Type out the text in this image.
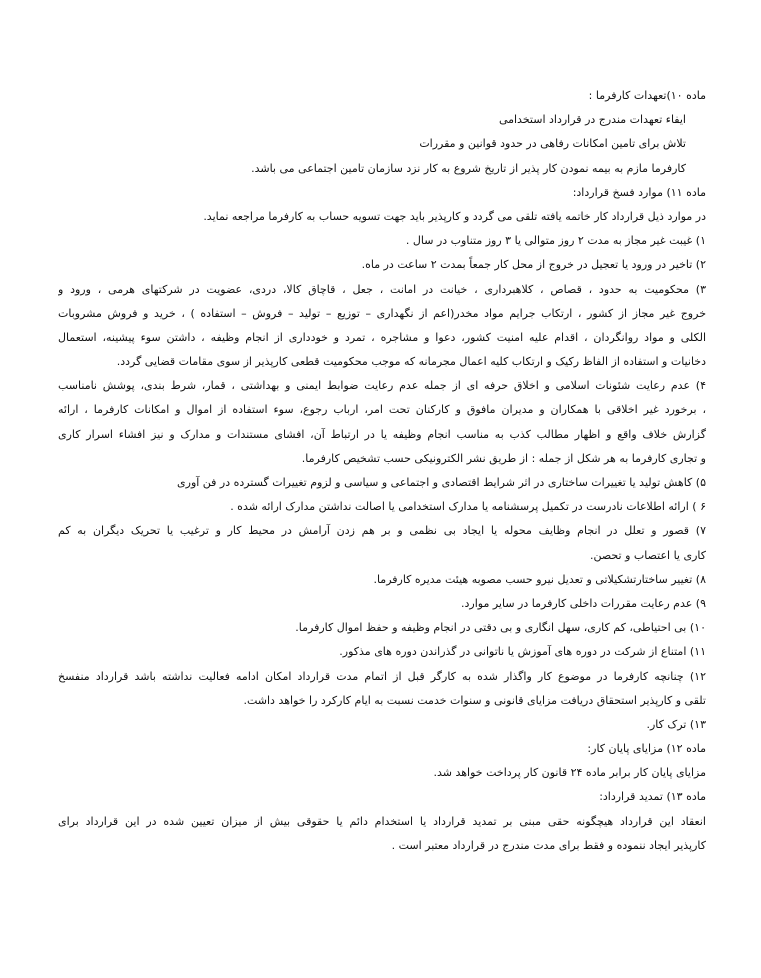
ماده ۱۰)تعهدات کارفرما :
ایفاء تعهدات مندرج در قرارداد استخدامی
تلاش برای تامین امکانات رفاهی در حدود قوانین و مقررات
کارفرما مازم به بیمه نمودن کار پذیر از تاریخ شروع به کار نزد سازمان تامین اجتماعی می باشد.
ماده ۱۱) موارد فسخ قرارداد:
در موارد ذیل قرارداد کار خاتمه یافته تلقی می گردد و کارپذیر باید جهت تسویه حساب به کارفرما مراجعه نماید.
۱) غیبت غیر مجاز به مدت ۲ روز متوالی یا ۳ روز متناوب در سال .
۲) تاخیر در ورود یا تعجیل در خروج از محل کار جمعاً بمدت ۲ ساعت در ماه.
۳) محکومیت به حدود ، قصاص ، کلاهبرداری ، خیانت در امانت ، جعل ، قاچاق کالا، دردی، عضویت در شرکتهای هرمی ، ورود و
خروج غیر مجاز از کشور ، ارتکاب جرایم مواد مخدر(اعم از نگهداری – توزیع – تولید – فروش – استفاده ) ، خرید و فروش مشروبات
الکلی و مواد روانگردان ، اقدام علیه امنیت کشور، دعوا و مشاجره ، تمرد و خودداری از انجام وظیفه ، داشتن سوء پیشینه، استعمال
دخانیات و استفاده از الفاظ رکیک و ارتکاب کلیه اعمال مجرمانه که موجب محکومیت قطعی کارپذیر از سوی مقامات قضایی گردد.
۴) عدم رعایت شئونات اسلامی و اخلاق حرفه ای از جمله عدم رعایت ضوابط ایمنی و بهداشتی ، قمار، شرط بندی، پوشش نامناسب
، برخورد غیر اخلاقی با همکاران و مدیران مافوق و کارکنان تحت امر، ارباب رجوع، سوء استفاده از اموال و امکانات کارفرما ، ارائه
گزارش خلاف واقع و اظهار مطالب کذب به مناسب انجام وظیفه یا در ارتباط آن، افشای مستندات و مدارک و نیز افشاء اسرار کاری
و تجاری کارفرما به هر شکل از جمله : از طریق نشر الکترونیکی حسب تشخیص کارفرما.
۵) کاهش تولید یا تغییرات ساختاری در اثر شرایط اقتصادی و اجتماعی و سیاسی و لزوم تغییرات گسترده در فن آوری
۶ ) ارائه اطلاعات نادرست در تکمیل پرسشنامه یا مدارک استخدامی یا اصالت نداشتن مدارک ارائه شده .
۷) قصور و تعلل در انجام وظایف محوله یا ایجاد بی نظمی و بر هم زدن آرامش در محیط کار و ترغیب یا تحریک دیگران به کم
کاری یا اعتصاب و تحصن.
۸) تغییر ساختارتشکیلاتی و تعدیل نیرو حسب مصوبه هیئت مدیره کارفرما.
۹) عدم رعایت مقررات داخلی کارفرما در سایر موارد.
۱۰) بی احتیاطی، کم کاری، سهل انگاری و بی دقتی در انجام وظیفه و حفظ اموال کارفرما.
۱۱) امتناع از شرکت در دوره های آموزش یا ناتوانی در گذراندن دوره های مذکور.
۱۲) چنانچه کارفرما در موضوع کار واگذار شده به کارگر قبل از اتمام مدت قرارداد امکان ادامه فعالیت نداشته باشد قرارداد منفسخ
تلقی و کارپذیر استحقاق دریافت مزایای قانونی و سنوات خدمت نسبت به ایام کارکرد را خواهد داشت.
۱۳) ترک کار.
ماده ۱۲) مزایای پایان کار:
مزایای پایان کار برابر ماده ۲۴ قانون کار پرداخت خواهد شد.
ماده ۱۳) تمدید قرارداد:
انعقاد این قرارداد هیچگونه حقی مبنی بر تمدید قرارداد یا استخدام دائم یا حقوقی بیش از میزان تعیین شده در این قرارداد برای
کارپذیر ایجاد ننموده و فقط برای مدت مندرج در قرارداد معتبر است .
